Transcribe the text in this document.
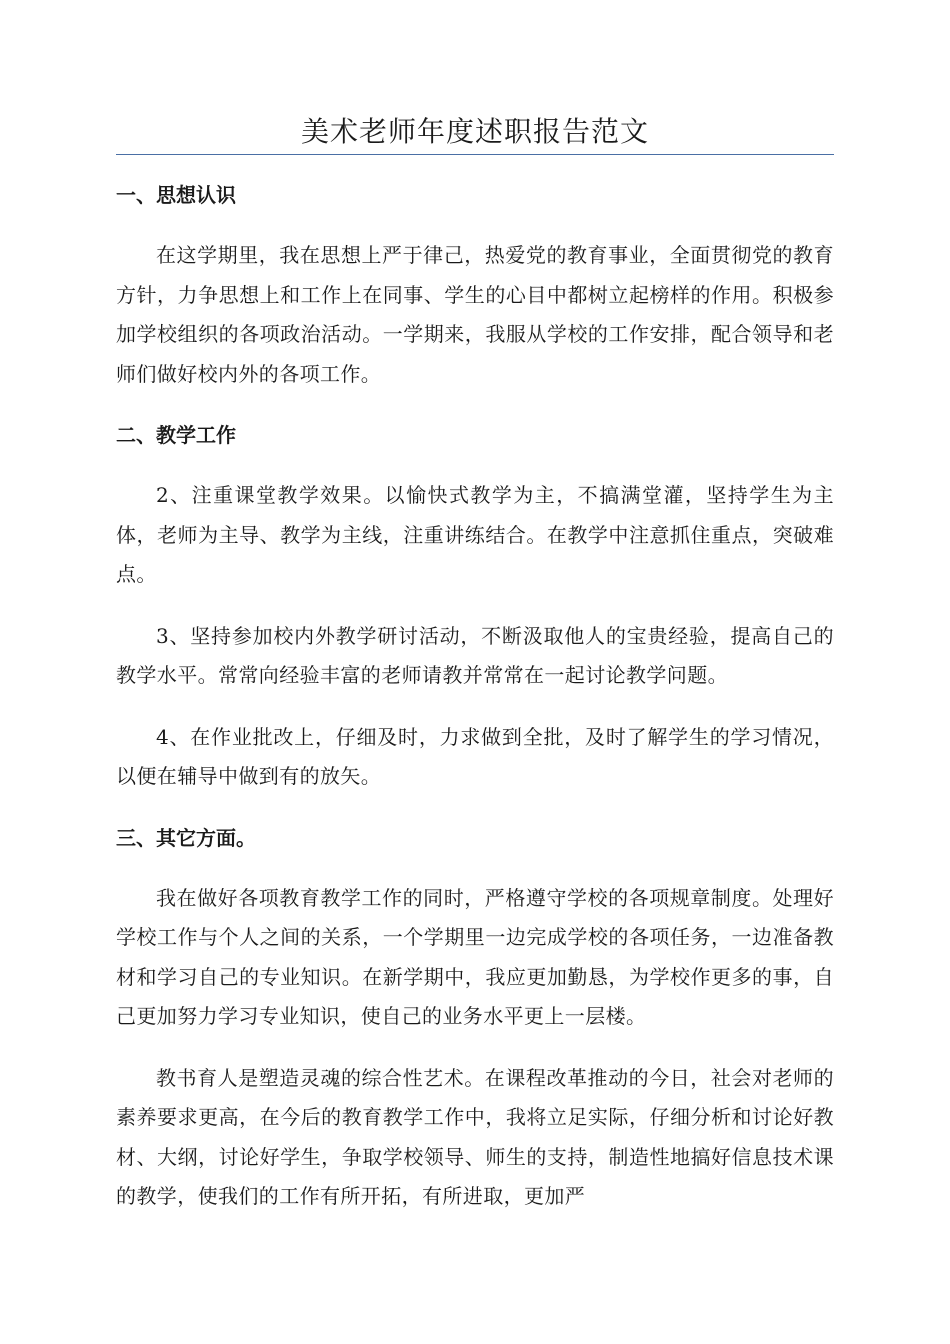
美术老师年度述职报告范文
一、思想认识

在这学期里，我在思想上严于律己，热爱党的教育事业，全面贯彻党的教育方针，力争思想上和工作上在同事、学生的心目中都树立起榜样的作用。积极参加学校组织的各项政治活动。一学期来，我服从学校的工作安排，配合领导和老师们做好校内外的各项工作。

二、教学工作

2、注重课堂教学效果。以愉快式教学为主，不搞满堂灌，坚持学生为主体，老师为主导、教学为主线，注重讲练结合。在教学中注意抓住重点，突破难点。

3、坚持参加校内外教学研讨活动，不断汲取他人的宝贵经验，提高自己的教学水平。常常向经验丰富的老师请教并常常在一起讨论教学问题。

4、在作业批改上，仔细及时，力求做到全批，及时了解学生的学习情况，以便在辅导中做到有的放矢。

三、其它方面。

我在做好各项教育教学工作的同时，严格遵守学校的各项规章制度。处理好学校工作与个人之间的关系，一个学期里一边完成学校的各项任务，一边准备教材和学习自己的专业知识。在新学期中，我应更加勤恳，为学校作更多的事，自己更加努力学习专业知识，使自己的业务水平更上一层楼。

教书育人是塑造灵魂的综合性艺术。在课程改革推动的今日，社会对老师的素养要求更高，在今后的教育教学工作中，我将立足实际，仔细分析和讨论好教材、大纲，讨论好学生，争取学校领导、师生的支持，制造性地搞好信息技术课的教学，使我们的工作有所开拓，有所进取，更加严
